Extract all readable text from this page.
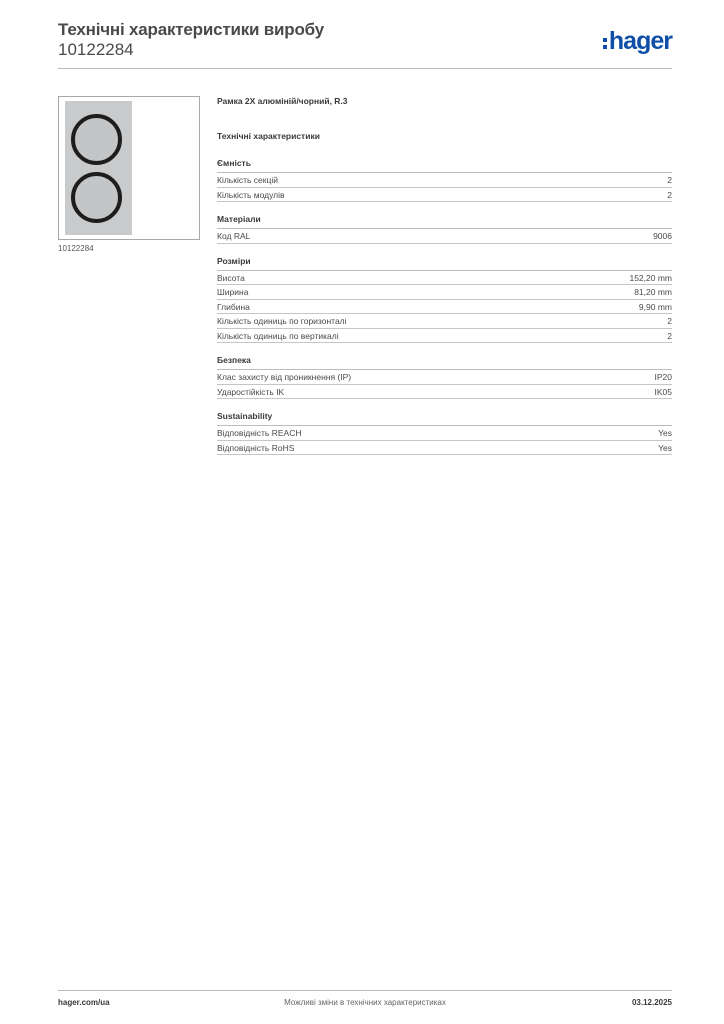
Технічні характеристики виробу
10122284	hager
10122284
Рамка 2X алюміній/чорний, R.3
Технічні характеристики
Ємність
Кількість секцій	2
Кількість модулів	2
Матеріали
Код RAL	9006
Розміри
Висота	152,20 mm
Ширина	81,20 mm
Глибина	9,90 mm
Кількість одиниць по горизонталі	2
Кількість одиниць по вертикалі	2
Безпека
Клас захисту від проникнення (IP)	IP20
Ударостійкість IK	IK05
Sustainability
Відповідність REACH	Yes
Відповідність RoHS	Yes
Можливі зміни в технічних характеристиках
hager.com/ua	03.12.2025
